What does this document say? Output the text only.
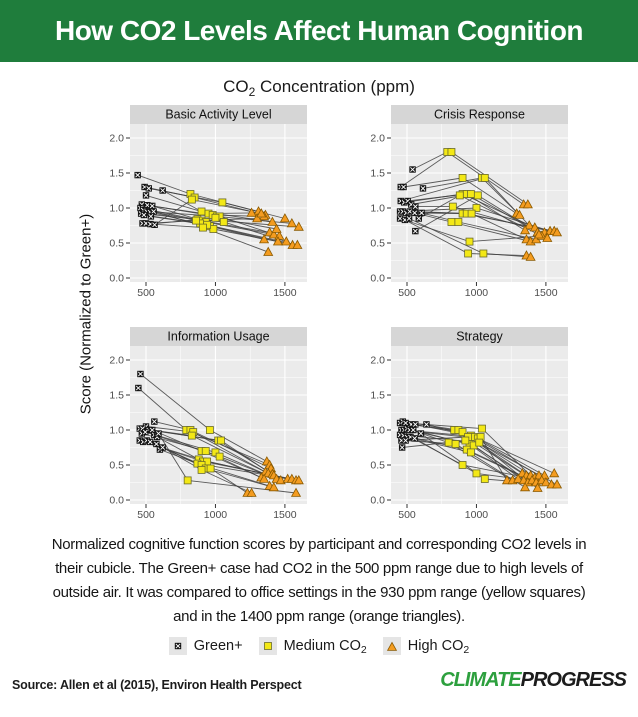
How CO2 Levels Affect Human Cognition
$CO_2$ Concentration (ppm)
Score (Normalized to Green+)
Basic Activity Level
2.0
1.5
1.0
0.5
0.0
500	1000	1500
Crisis Response
2.0
1.5
1.0
0.5
0.0
500	1000	1500
Information Usage
2.0
1.5
1.0
0.5
0.0
500	1000	1500
Strategy
2.0
1.5
1.0
0.5
0.0
500	1000	1500
Normalized cognitive function scores by participant and corresponding CO2 levels in
their cubicle. The Green+ case had CO2 in the 500 ppm range due to high levels of
outside air. It was compared to office settings in the 930 ppm range (yellow squares)
and in the 1400 ppm range (orange triangles).
Green+	Medium $CO_2$	High $CO_2$
Source: Allen et al (2015), Environ Health Perspect	CLIMATEPROGRESS
